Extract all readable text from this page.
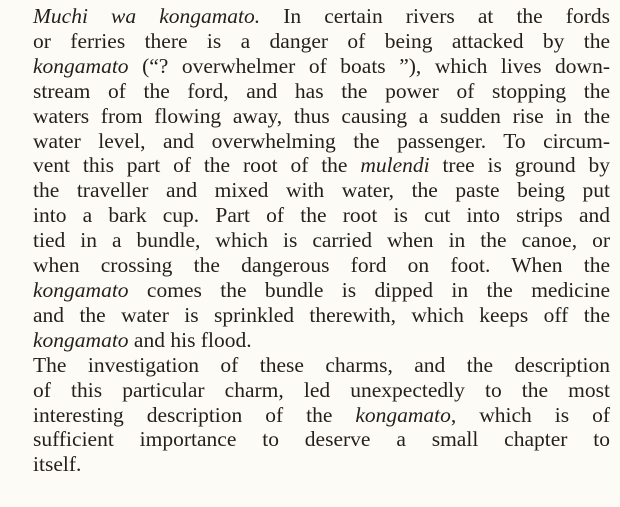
Muchi wa kongamato. In certain rivers at the fords
or ferries there is a danger of being attacked by the
kongamato (“? overwhelmer of boats ”), which lives down-
stream of the ford, and has the power of stopping the
waters from flowing away, thus causing a sudden rise in the
water level, and overwhelming the passenger. To circum-
vent this part of the root of the mulendi tree is ground by
the traveller and mixed with water, the paste being put
into a bark cup. Part of the root is cut into strips and
tied in a bundle, which is carried when in the canoe, or
when crossing the dangerous ford on foot. When the
kongamato comes the bundle is dipped in the medicine
and the water is sprinkled therewith, which keeps off the
kongamato and his flood.

The investigation of these charms, and the description
of this particular charm, led unexpectedly to the most
interesting description of the kongamato, which is of
sufficient importance to deserve a small chapter to
itself.
